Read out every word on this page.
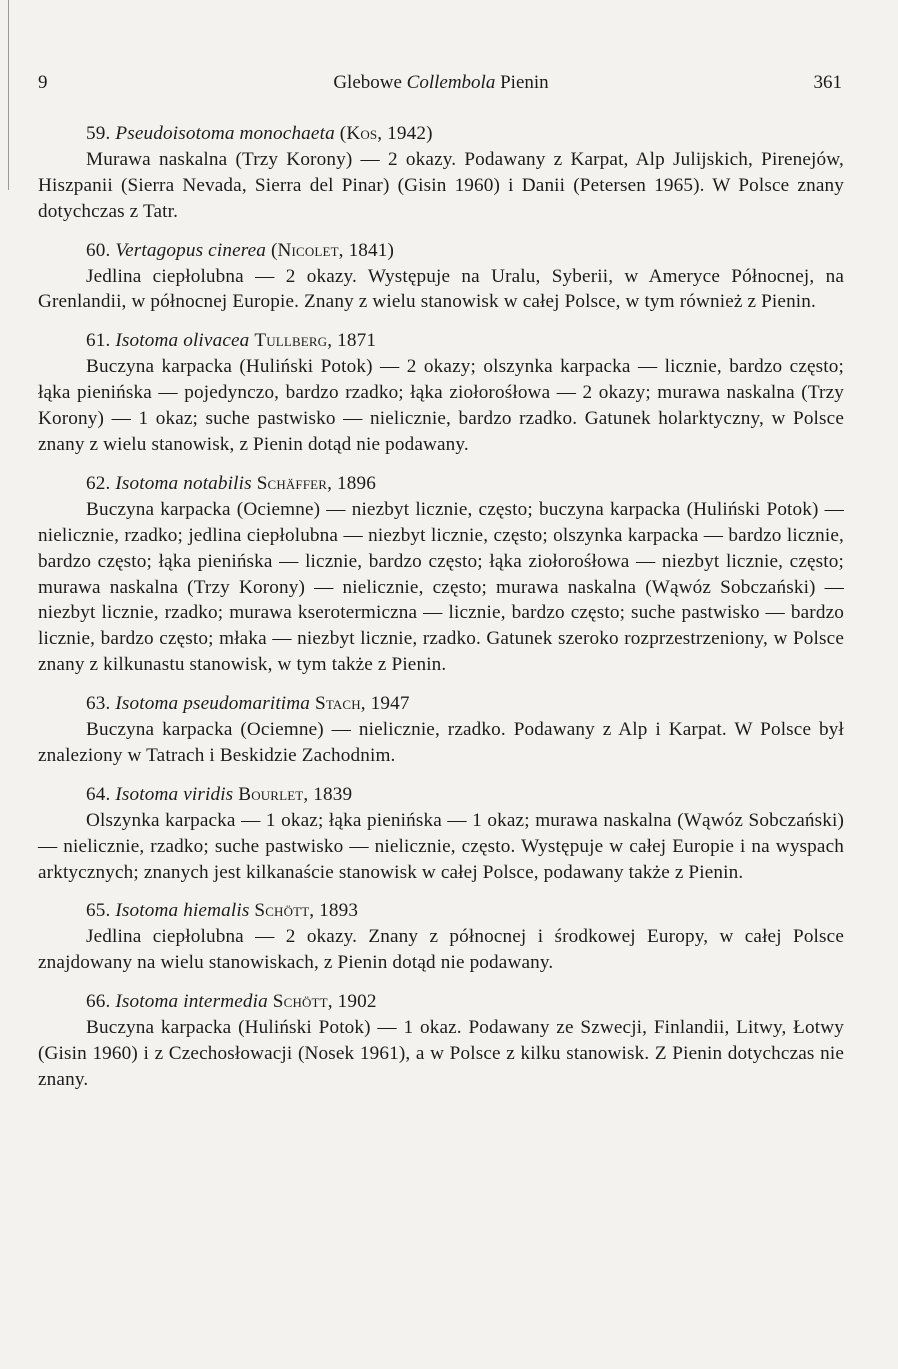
9	Glebowe Collembola Pienin	361
59. Pseudoisotoma monochaeta (Kos, 1942)
Murawa naskalna (Trzy Korony) — 2 okazy. Podawany z Karpat, Alp Julijskich, Pirenejów, Hiszpanii (Sierra Nevada, Sierra del Pinar) (Gisin 1960) i Danii (Petersen 1965). W Polsce znany dotychczas z Tatr.
60. Vertagopus cinerea (Nicolet, 1841)
Jedlina ciepłolubna — 2 okazy. Występuje na Uralu, Syberii, w Ameryce Północnej, na Grenlandii, w północnej Europie. Znany z wielu stanowisk w całej Polsce, w tym również z Pienin.
61. Isotoma olivacea Tullberg, 1871
Buczyna karpacka (Huliński Potok) — 2 okazy; olszynka karpacka — licznie, bardzo często; łąka pienińska — pojedynczo, bardzo rzadko; łąka ziołorośłowa — 2 okazy; murawa naskalna (Trzy Korony) — 1 okaz; suche pastwisko — nielicznie, bardzo rzadko. Gatunek holarktyczny, w Polsce znany z wielu stanowisk, z Pienin dotąd nie podawany.
62. Isotoma notabilis Schäffer, 1896
Buczyna karpacka (Ociemne) — niezbyt licznie, często; buczyna karpacka (Huliński Potok) — nielicznie, rzadko; jedlina ciepłolubna — niezbyt licznie, często; olszynka karpacka — bardzo licznie, bardzo często; łąka pienińska — licznie, bardzo często; łąka ziołorośłowa — niezbyt licznie, często; murawa naskalna (Trzy Korony) — nielicznie, często; murawa naskalna (Wąwóz Sobczański) — niezbyt licznie, rzadko; murawa kserotermiczna — licznie, bardzo często; suche pastwisko — bardzo licznie, bardzo często; młaka — niezbyt licznie, rzadko. Gatunek szeroko rozprzestrzeniony, w Polsce znany z kilkunastu stanowisk, w tym także z Pienin.
63. Isotoma pseudomaritima Stach, 1947
Buczyna karpacka (Ociemne) — nielicznie, rzadko. Podawany z Alp i Karpat. W Polsce był znaleziony w Tatrach i Beskidzie Zachodnim.
64. Isotoma viridis Bourlet, 1839
Olszynka karpacka — 1 okaz; łąka pienińska — 1 okaz; murawa naskalna (Wąwóz Sobczański) — nielicznie, rzadko; suche pastwisko — nielicznie, często. Występuje w całej Europie i na wyspach arktycznych; znanych jest kilkanaście stanowisk w całej Polsce, podawany także z Pienin.
65. Isotoma hiemalis Schött, 1893
Jedlina ciepłolubna — 2 okazy. Znany z północnej i środkowej Europy, w całej Polsce znajdowany na wielu stanowiskach, z Pienin dotąd nie podawany.
66. Isotoma intermedia Schött, 1902
Buczyna karpacka (Huliński Potok) — 1 okaz. Podawany ze Szwecji, Finlandii, Litwy, Łotwy (Gisin 1960) i z Czechosłowacji (Nosek 1961), a w Polsce z kilku stanowisk. Z Pienin dotychczas nie znany.
